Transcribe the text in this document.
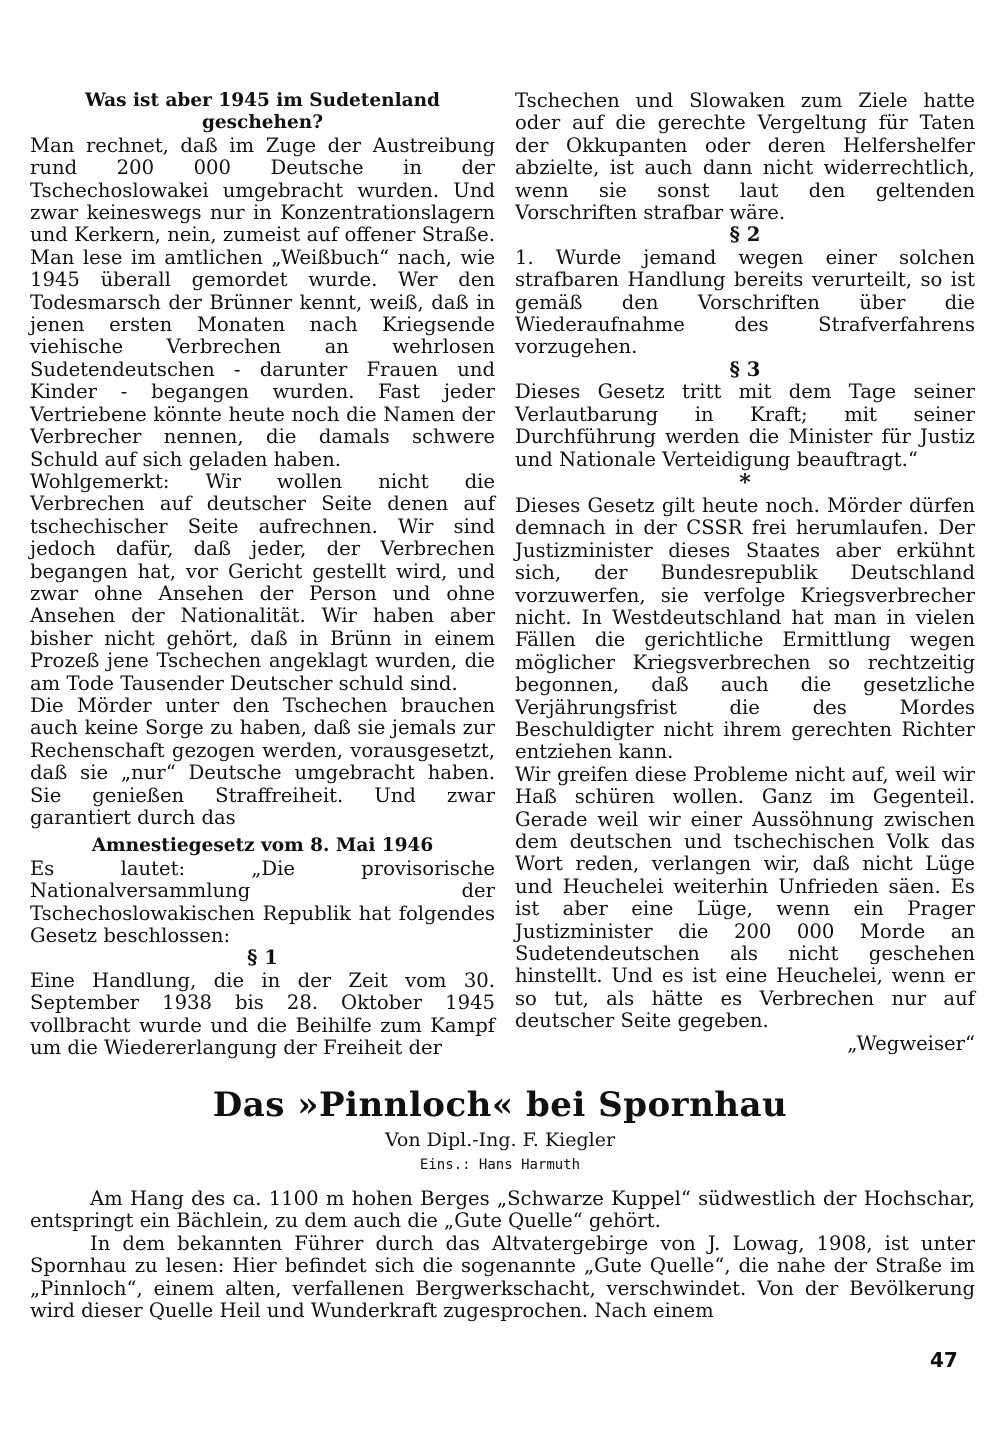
Was ist aber 1945 im Sudetenland geschehen?

Man rechnet, daß im Zuge der Austreibung rund 200 000 Deutsche in der Tschechoslowakei umgebracht wurden. Und zwar keineswegs nur in Konzentrationslagern und Kerkern, nein, zumeist auf offener Straße. Man lese im amtlichen „Weißbuch“ nach, wie 1945 überall gemordet wurde. Wer den Todesmarsch der Brünner kennt, weiß, daß in jenen ersten Monaten nach Kriegsende viehische Verbrechen an wehrlosen Sudetendeutschen - darunter Frauen und Kinder - begangen wurden. Fast jeder Vertriebene könnte heute noch die Namen der Verbrecher nennen, die damals schwere Schuld auf sich geladen haben.

Wohlgemerkt: Wir wollen nicht die Verbrechen auf deutscher Seite denen auf tschechischer Seite aufrechnen. Wir sind jedoch dafür, daß jeder, der Verbrechen begangen hat, vor Gericht gestellt wird, und zwar ohne Ansehen der Person und ohne Ansehen der Nationalität. Wir haben aber bisher nicht gehört, daß in Brünn in einem Prozeß jene Tschechen angeklagt wurden, die am Tode Tausender Deutscher schuld sind.

Die Mörder unter den Tschechen brauchen auch keine Sorge zu haben, daß sie jemals zur Rechenschaft gezogen werden, vorausgesetzt, daß sie „nur“ Deutsche umgebracht haben. Sie genießen Straffreiheit. Und zwar garantiert durch das

Amnestiegesetz vom 8. Mai 1946

Es lautet: „Die provisorische Nationalversammlung der Tschechoslowakischen Republik hat folgendes Gesetz beschlossen:

§ 1

Eine Handlung, die in der Zeit vom 30. September 1938 bis 28. Oktober 1945 vollbracht wurde und die Beihilfe zum Kampf um die Wiedererlangung der Freiheit der

Tschechen und Slowaken zum Ziele hatte oder auf die gerechte Vergeltung für Taten der Okkupanten oder deren Helfershelfer abzielte, ist auch dann nicht widerrechtlich, wenn sie sonst laut den geltenden Vorschriften strafbar wäre.

§ 2

1. Wurde jemand wegen einer solchen strafbaren Handlung bereits verurteilt, so ist gemäß den Vorschriften über die Wiederaufnahme des Strafverfahrens vorzugehen.

§ 3

Dieses Gesetz tritt mit dem Tage seiner Verlautbarung in Kraft; mit seiner Durchführung werden die Minister für Justiz und Nationale Verteidigung beauftragt.“

*

Dieses Gesetz gilt heute noch. Mörder dürfen demnach in der CSSR frei herumlaufen. Der Justizminister dieses Staates aber erkühnt sich, der Bundesrepublik Deutschland vorzuwerfen, sie verfolge Kriegsverbrecher nicht. In Westdeutschland hat man in vielen Fällen die gerichtliche Ermittlung wegen möglicher Kriegsverbrechen so rechtzeitig begonnen, daß auch die gesetzliche Verjährungsfrist die des Mordes Beschuldigter nicht ihrem gerechten Richter entziehen kann.

Wir greifen diese Probleme nicht auf, weil wir Haß schüren wollen. Ganz im Gegenteil. Gerade weil wir einer Aussöhnung zwischen dem deutschen und tschechischen Volk das Wort reden, verlangen wir, daß nicht Lüge und Heuchelei weiterhin Unfrieden säen. Es ist aber eine Lüge, wenn ein Prager Justizminister die 200 000 Morde an Sudetendeutschen als nicht geschehen hinstellt. Und es ist eine Heuchelei, wenn er so tut, als hätte es Verbrechen nur auf deutscher Seite gegeben.

„Wegweiser“

Das »Pinnloch« bei Spornhau
Von Dipl.-Ing. F. Kiegler
Eins.: Hans Harmuth

Am Hang des ca. 1100 m hohen Berges „Schwarze Kuppel“ südwestlich der Hochschar, entspringt ein Bächlein, zu dem auch die „Gute Quelle“ gehört.

In dem bekannten Führer durch das Altvatergebirge von J. Lowag, 1908, ist unter Spornhau zu lesen: Hier befindet sich die sogenannte „Gute Quelle“, die nahe der Straße im „Pinnloch“, einem alten, verfallenen Bergwerkschacht, verschwindet. Von der Bevölkerung wird dieser Quelle Heil und Wunderkraft zugesprochen. Nach einem

47
